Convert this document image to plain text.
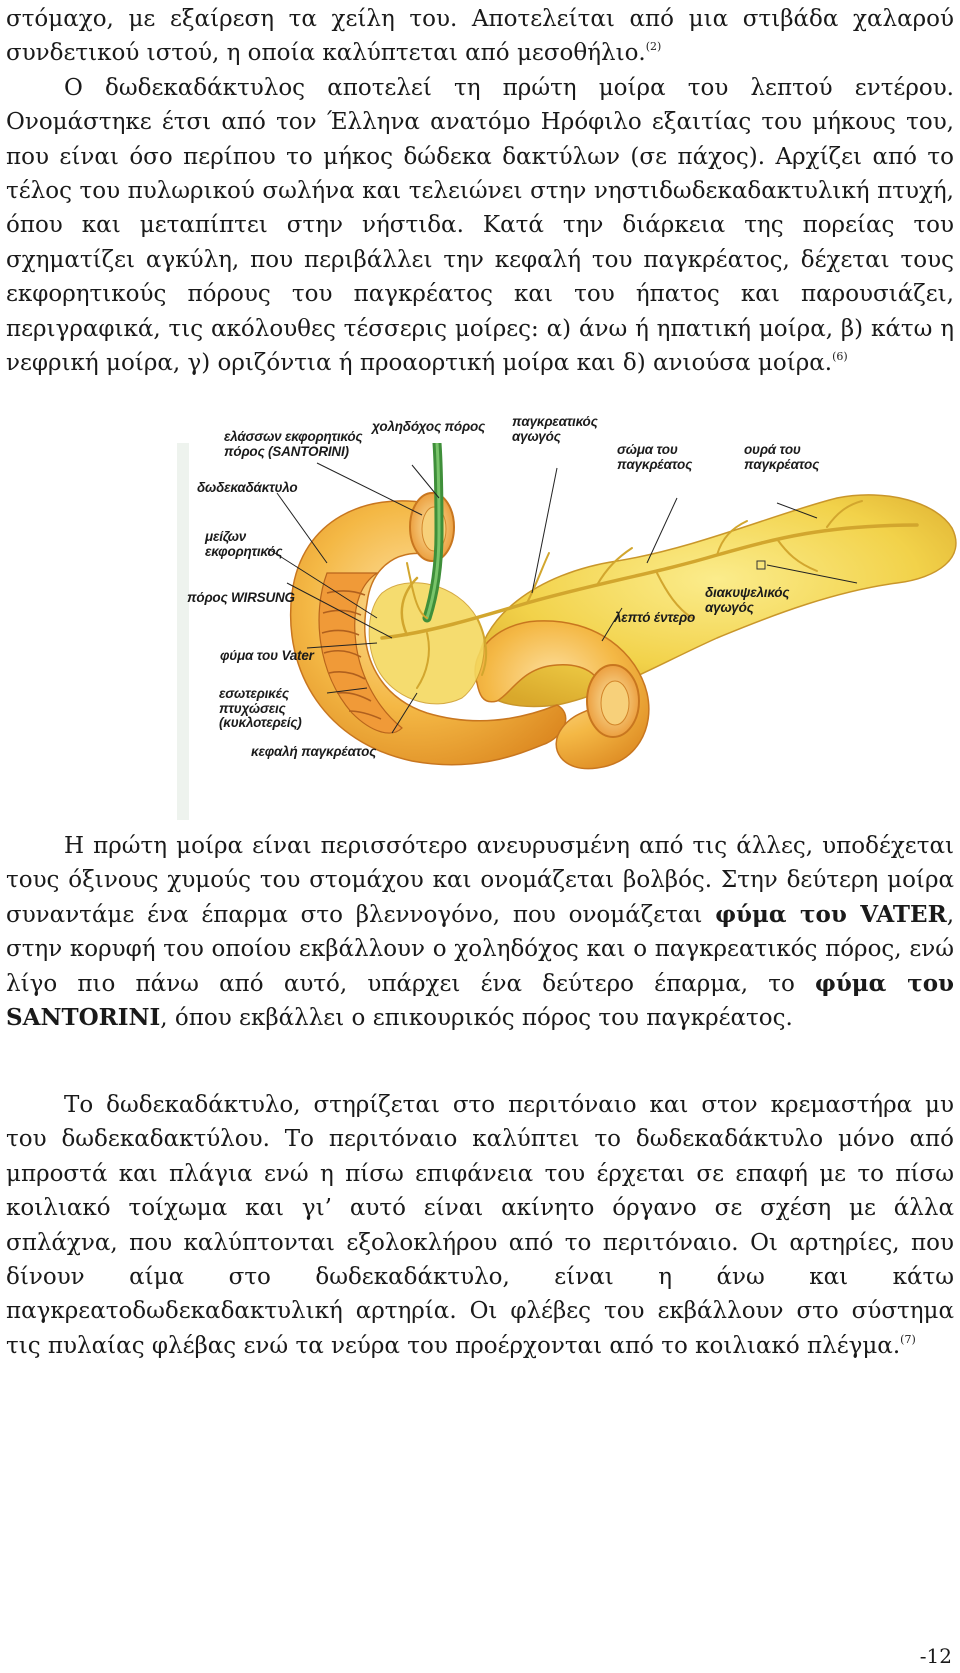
στόμαχο, με εξαίρεση τα χείλη του. Αποτελείται από μια στιβάδα χαλαρού συνδετικού ιστού, η οποία καλύπτεται από μεσοθήλιο.$^{(2)}$
Ο δωδεκαδάκτυλος αποτελεί τη πρώτη μοίρα του λεπτού εντέρου. Ονομάστηκε έτσι από τον Έλληνα ανατόμο Ηρόφιλο εξαιτίας του μήκους του, που είναι όσο περίπου το μήκος δώδεκα δακτύλων (σε πάχος). Αρχίζει από το τέλος του πυλωρικού σωλήνα και τελειώνει στην νηστιδωδεκαδακτυλική πτυχή, όπου και μεταπίπτει στην νήστιδα. Κατά την διάρκεια της πορείας του σχηματίζει αγκύλη, που περιβάλλει την κεφαλή του παγκρέατος, δέχεται τους εκφορητικούς πόρους του παγκρέατος και του ήπατος και παρουσιάζει, περιγραφικά, τις ακόλουθες τέσσερις μοίρες: α) άνω ή ηπατική μοίρα, β) κάτω η νεφρική μοίρα, γ) οριζόντια ή προαορτική μοίρα και δ) ανιούσα μοίρα.$^{(6)}$

ελάσσων εκφορητικός
πόρος (SANTORINI)
χοληδόχος πόρος παγκρεατικός
αγωγός
σώμα του
παγκρέατος
ουρά του
παγκρέατος
δωδεκαδάκτυλο
μείζων
εκφορητικός
πόρος WIRSUNG	διακυψελικός
αγωγός
λεπτό έντερο
φύμα του Vater
εσωτερικές
πτυχώσεις
(κυκλοτερείς)
κεφαλή παγκρέατος

Η πρώτη μοίρα είναι περισσότερο ανευρυσμένη από τις άλλες, υποδέχεται τους όξινους χυμούς του στομάχου και ονομάζεται βολβός. Στην δεύτερη μοίρα συναντάμε ένα έπαρμα στο βλεννογόνο, που ονομάζεται φύμα του VATER, στην κορυφή του οποίου εκβάλλουν ο χοληδόχος και ο παγκρεατικός πόρος, ενώ λίγο πιο πάνω από αυτό, υπάρχει ένα δεύτερο έπαρμα, το φύμα του SANTORINI, όπου εκβάλλει ο επικουρικός πόρος του παγκρέατος.

Το δωδεκαδάκτυλο, στηρίζεται στο περιτόναιο και στον κρεμαστήρα μυ του δωδεκαδακτύλου. Το περιτόναιο καλύπτει το δωδεκαδάκτυλο μόνο από μπροστά και πλάγια ενώ η πίσω επιφάνεια του έρχεται σε επαφή με το πίσω κοιλιακό τοίχωμα και γι’ αυτό είναι ακίνητο όργανο σε σχέση με άλλα σπλάχνα, που καλύπτονται εξολοκλήρου από το περιτόναιο. Οι αρτηρίες, που δίνουν αίμα στο δωδεκαδάκτυλο, είναι η άνω και κάτω παγκρεατοδωδεκαδακτυλική αρτηρία. Οι φλέβες του εκβάλλουν στο σύστημα τις πυλαίας φλέβας ενώ τα νεύρα του προέρχονται από το κοιλιακό πλέγμα.$^{(7)}$

-12
